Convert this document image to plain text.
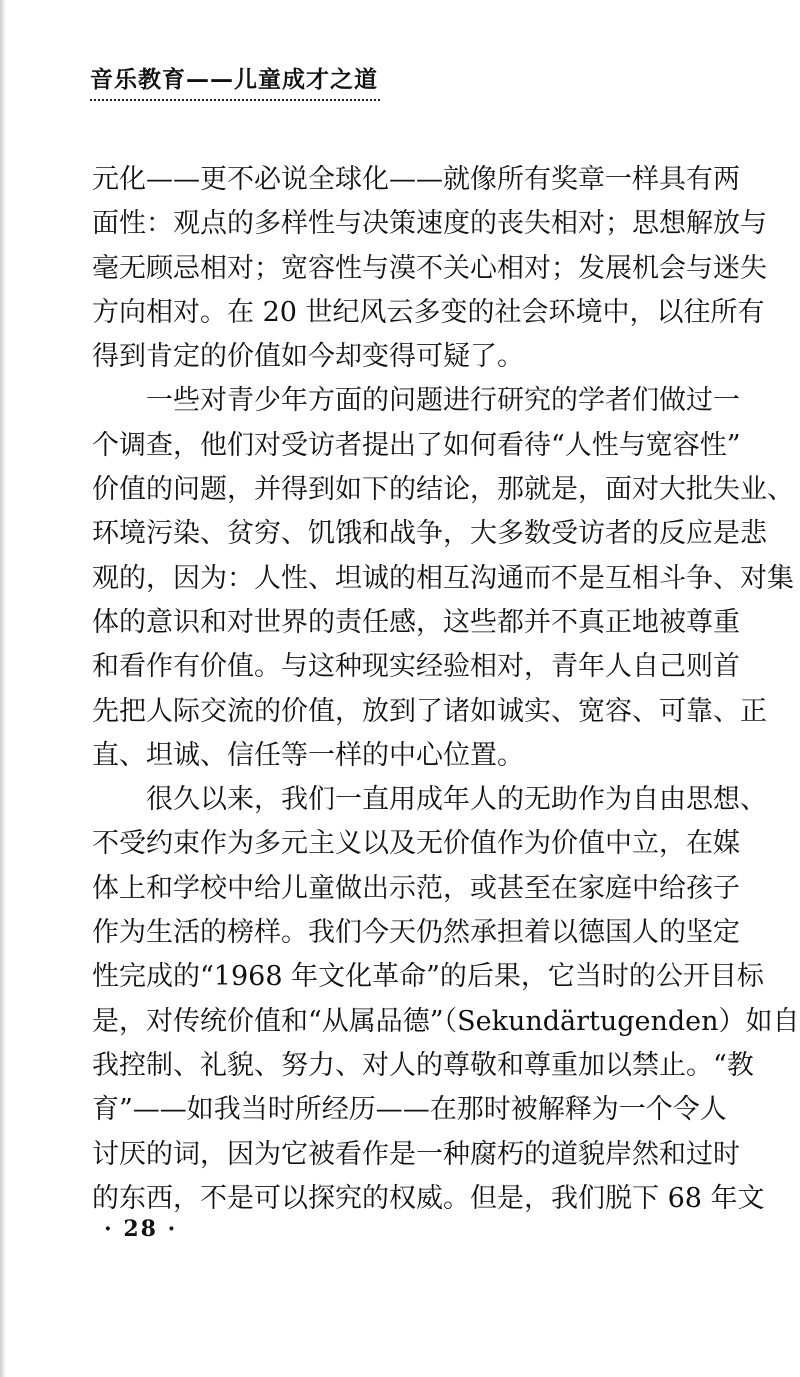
音乐教育——儿童成才之道
元化——更不必说全球化——就像所有奖章一样具有两
面性：观点的多样性与决策速度的丧失相对；思想解放与
毫无顾忌相对；宽容性与漠不关心相对；发展机会与迷失
方向相对。在 20 世纪风云多变的社会环境中，以往所有
得到肯定的价值如今却变得可疑了。
一些对青少年方面的问题进行研究的学者们做过一
个调查，他们对受访者提出了如何看待“人性与宽容性”
价值的问题，并得到如下的结论，那就是，面对大批失业、
环境污染、贫穷、饥饿和战争，大多数受访者的反应是悲
观的，因为：人性、坦诚的相互沟通而不是互相斗争、对集
体的意识和对世界的责任感，这些都并不真正地被尊重
和看作有价值。与这种现实经验相对，青年人自己则首
先把人际交流的价值，放到了诸如诚实、宽容、可靠、正
直、坦诚、信任等一样的中心位置。
很久以来，我们一直用成年人的无助作为自由思想、
不受约束作为多元主义以及无价值作为价值中立，在媒
体上和学校中给儿童做出示范，或甚至在家庭中给孩子
作为生活的榜样。我们今天仍然承担着以德国人的坚定
性完成的“1968 年文化革命”的后果，它当时的公开目标
是，对传统价值和“从属品德”（Sekundärtugenden）如自
我控制、礼貌、努力、对人的尊敬和尊重加以禁止。“教
育”——如我当时所经历——在那时被解释为一个令人
讨厌的词，因为它被看作是一种腐朽的道貌岸然和过时
的东西，不是可以探究的权威。但是，我们脱下 68 年文
· 28 ·
